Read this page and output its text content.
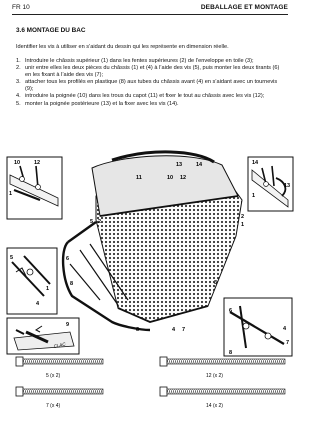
FR 10	DEBALLAGE ET MONTAGE
3.6 MONTAGE DU BAC
Identifier les vis à utiliser en s’aidant du dessin qui les représente en dimension réelle.
1. Introduire le châssis supérieur (1) dans les fentes supérieures (2) de l’enveloppe en toile (3);
2. unir entre elles les deux pièces du châssis (1) et (4) à l’aide des vis (5), puis monter les deux tirants (6) en les fixant à l’aide des vis (7);
3. attacher tous les profilés en plastique (8) aux tubes du châssis avant (4) en s’aidant avec un tournevis (9);
4. introduire la poignée (10) dans les trous du capot (11) et fixer le tout au châssis avec les vis (12);
5. monter la poignée postérieure (13) et la fixer avec les vis (14).
10	12
1
14
13
1
5
1
4
9
CLAC
6
4
7
8
13	14
11	10 12
5 2
2
1
3
6
8
8	4 7
5 (x 2)	12 (x 2)
7 (x 4)	14 (x 2)
